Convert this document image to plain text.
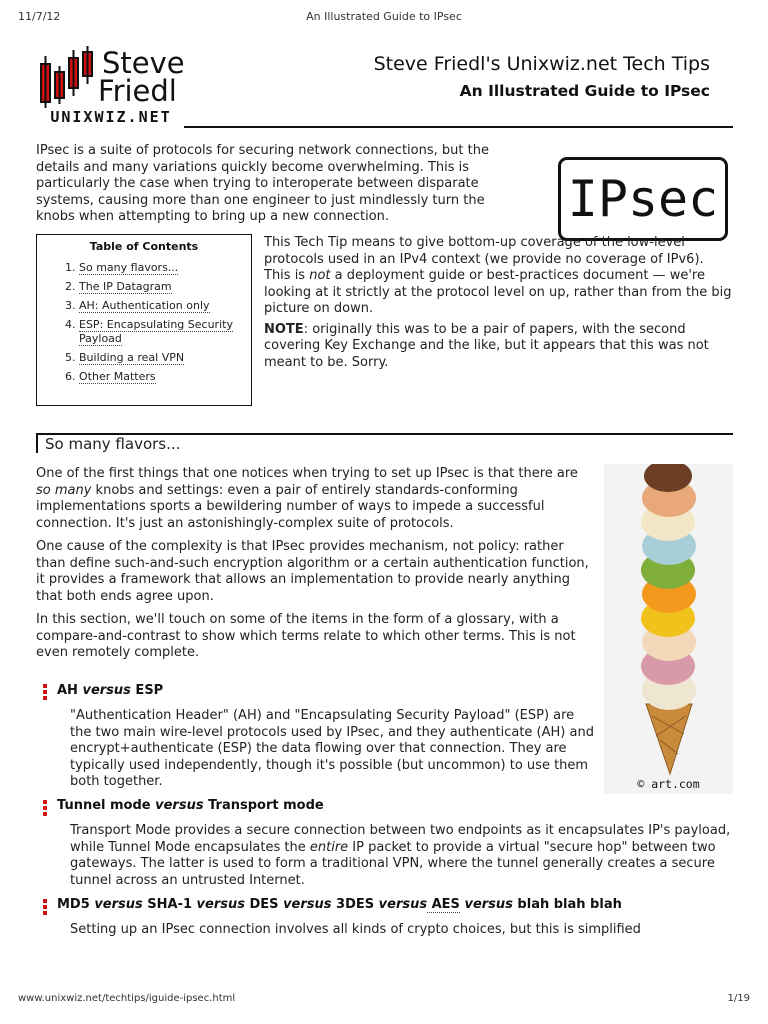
11/7/12	An Illustrated Guide to IPsec
Steve
Friedl
UNIXWIZ.NET
Steve Friedl's Unixwiz.net Tech Tips
An Illustrated Guide to IPsec

IPsec is a suite of protocols for securing network connections, but the details and many variations quickly become overwhelming. This is particularly the case when trying to interoperate between disparate systems, causing more than one engineer to just mindlessly turn the knobs when attempting to bring up a new connection.	IPsec
Table of Contents
1. So many flavors...
2. The IP Datagram
3. AH: Authentication only
4. ESP: Encapsulating Security Payload
5. Building a real VPN
6. Other Matters

This Tech Tip means to give bottom-up coverage of the low-level protocols used in an IPv4 context (we provide no coverage of IPv6). This is not a deployment guide or best-practices document — we're looking at it strictly at the protocol level on up, rather than from the big picture on down.

NOTE: originally this was to be a pair of papers, with the second covering Key Exchange and the like, but it appears that this was not meant to be. Sorry.

So many flavors...
© art.com

One of the first things that one notices when trying to set up IPsec is that there are so many knobs and settings: even a pair of entirely standards-conforming implementations sports a bewildering number of ways to impede a successful connection. It's just an astonishingly-complex suite of protocols.

One cause of the complexity is that IPsec provides mechanism, not policy: rather than define such-and-such encryption algorithm or a certain authentication function, it provides a framework that allows an implementation to provide nearly anything that both ends agree upon.

In this section, we'll touch on some of the items in the form of a glossary, with a compare-and-contrast to show which terms relate to which other terms. This is not even remotely complete.

AH versus ESP

"Authentication Header" (AH) and "Encapsulating Security Payload" (ESP) are the two main wire-level protocols used by IPsec, and they authenticate (AH) and encrypt+authenticate (ESP) the data flowing over that connection. They are typically used independently, though it's possible (but uncommon) to use them both together.

Tunnel mode versus Transport mode

Transport Mode provides a secure connection between two endpoints as it encapsulates IP's payload, while Tunnel Mode encapsulates the entire IP packet to provide a virtual "secure hop" between two gateways. The latter is used to form a traditional VPN, where the tunnel generally creates a secure tunnel across an untrusted Internet.

MD5 versus SHA-1 versus DES versus 3DES versus AES versus blah blah blah

Setting up an IPsec connection involves all kinds of crypto choices, but this is simplified

www.unixwiz.net/techtips/iguide-ipsec.html	1/19
